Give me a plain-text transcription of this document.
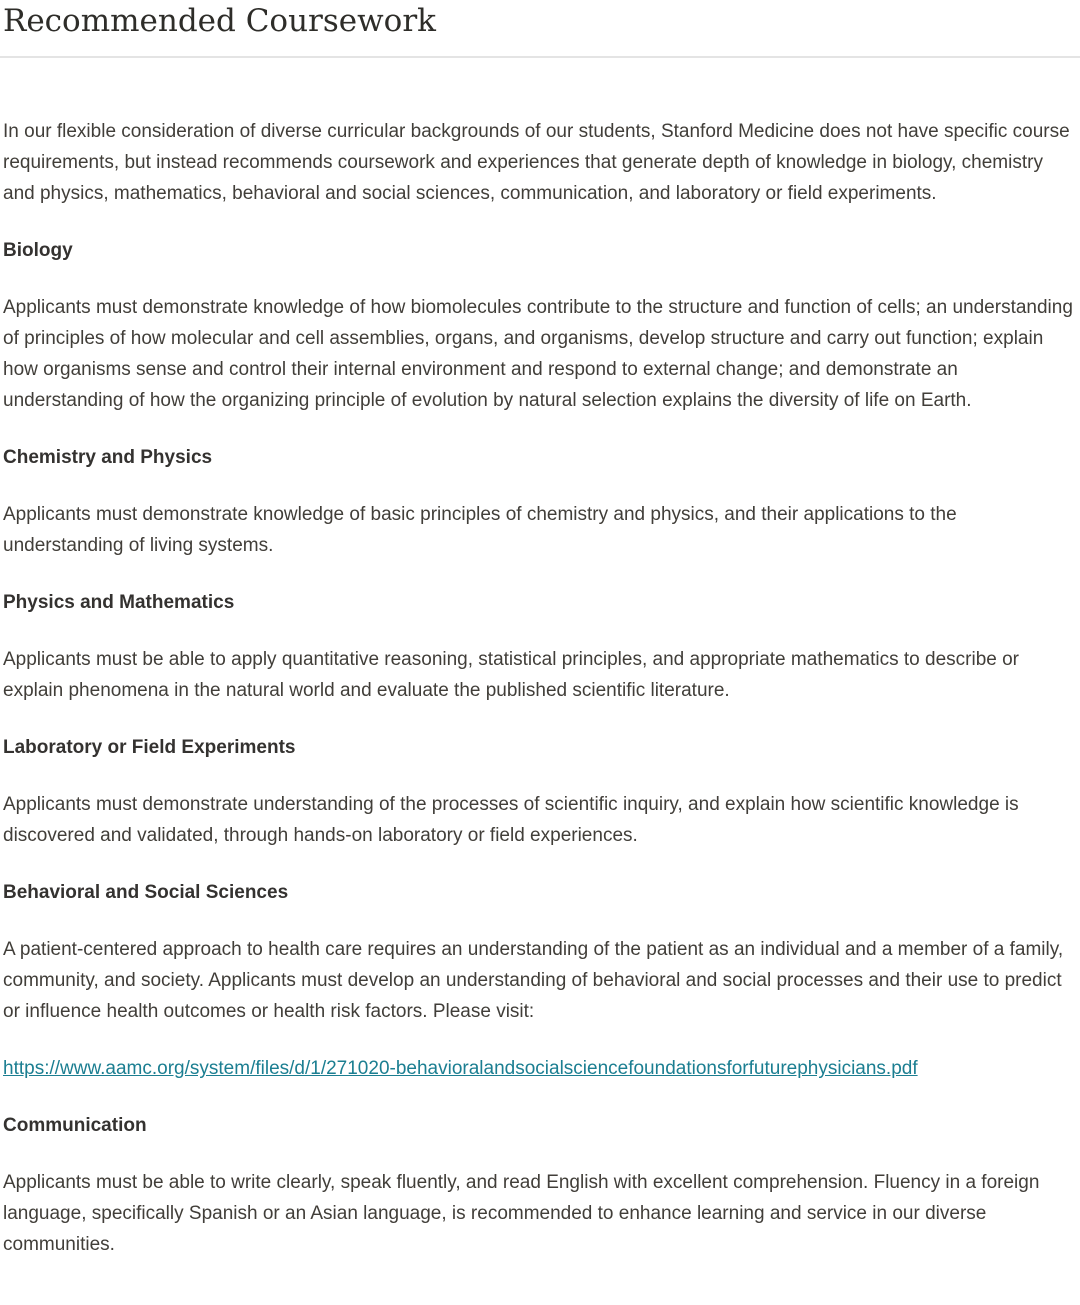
Recommended Coursework

In our flexible consideration of diverse curricular backgrounds of our students, Stanford Medicine does not have specific course requirements, but instead recommends coursework and experiences that generate depth of knowledge in biology, chemistry and physics, mathematics, behavioral and social sciences, communication, and laboratory or field experiments.

Biology

Applicants must demonstrate knowledge of how biomolecules contribute to the structure and function of cells; an understanding of principles of how molecular and cell assemblies, organs, and organisms, develop structure and carry out function; explain how organisms sense and control their internal environment and respond to external change; and demonstrate an understanding of how the organizing principle of evolution by natural selection explains the diversity of life on Earth.

Chemistry and Physics

Applicants must demonstrate knowledge of basic principles of chemistry and physics, and their applications to the understanding of living systems.

Physics and Mathematics

Applicants must be able to apply quantitative reasoning, statistical principles, and appropriate mathematics to describe or explain phenomena in the natural world and evaluate the published scientific literature.

Laboratory or Field Experiments

Applicants must demonstrate understanding of the processes of scientific inquiry, and explain how scientific knowledge is discovered and validated, through hands-on laboratory or field experiences.

Behavioral and Social Sciences

A patient-centered approach to health care requires an understanding of the patient as an individual and a member of a family, community, and society. Applicants must develop an understanding of behavioral and social processes and their use to predict or influence health outcomes or health risk factors. Please visit:

https://www.aamc.org/system/files/d/1/271020-behavioralandsocialsciencefoundationsforfuturephysicians.pdf

Communication

Applicants must be able to write clearly, speak fluently, and read English with excellent comprehension. Fluency in a foreign language, specifically Spanish or an Asian language, is recommended to enhance learning and service in our diverse communities.
